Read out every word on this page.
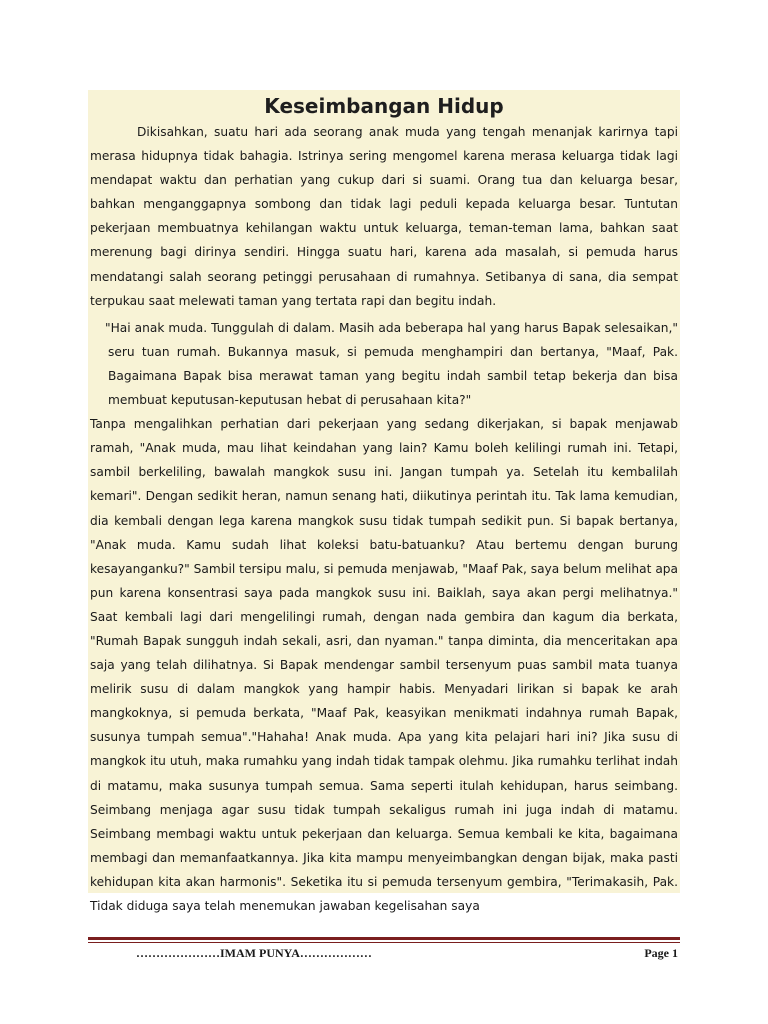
Keseimbangan Hidup

Dikisahkan, suatu hari ada seorang anak muda yang tengah menanjak karirnya tapi merasa hidupnya tidak bahagia. Istrinya sering mengomel karena merasa keluarga tidak lagi mendapat waktu dan perhatian yang cukup dari si suami. Orang tua dan keluarga besar, bahkan menganggapnya sombong dan tidak lagi peduli kepada keluarga besar. Tuntutan pekerjaan membuatnya kehilangan waktu untuk keluarga, teman-teman lama, bahkan saat merenung bagi dirinya sendiri. Hingga suatu hari, karena ada masalah, si pemuda harus mendatangi salah seorang petinggi perusahaan di rumahnya. Setibanya di sana, dia sempat terpukau saat melewati taman yang tertata rapi dan begitu indah.

"Hai anak muda. Tunggulah di dalam. Masih ada beberapa hal yang harus Bapak selesaikan," seru tuan rumah. Bukannya masuk, si pemuda menghampiri dan bertanya, "Maaf, Pak. Bagaimana Bapak bisa merawat taman yang begitu indah sambil tetap bekerja dan bisa membuat keputusan-keputusan hebat di perusahaan kita?"

Tanpa mengalihkan perhatian dari pekerjaan yang sedang dikerjakan, si bapak menjawab ramah, "Anak muda, mau lihat keindahan yang lain? Kamu boleh kelilingi rumah ini. Tetapi, sambil berkeliling, bawalah mangkok susu ini. Jangan tumpah ya. Setelah itu kembalilah kemari". Dengan sedikit heran, namun senang hati, diikutinya perintah itu. Tak lama kemudian, dia kembali dengan lega karena mangkok susu tidak tumpah sedikit pun. Si bapak bertanya, "Anak muda. Kamu sudah lihat koleksi batu-batuanku? Atau bertemu dengan burung kesayanganku?" Sambil tersipu malu, si pemuda menjawab, "Maaf Pak, saya belum melihat apa pun karena konsentrasi saya pada mangkok susu ini. Baiklah, saya akan pergi melihatnya." Saat kembali lagi dari mengelilingi rumah, dengan nada gembira dan kagum dia berkata, "Rumah Bapak sungguh indah sekali, asri, dan nyaman." tanpa diminta, dia menceritakan apa saja yang telah dilihatnya. Si Bapak mendengar sambil tersenyum puas sambil mata tuanya melirik susu di dalam mangkok yang hampir habis. Menyadari lirikan si bapak ke arah mangkoknya, si pemuda berkata, "Maaf Pak, keasyikan menikmati indahnya rumah Bapak, susunya tumpah semua"."Hahaha! Anak muda. Apa yang kita pelajari hari ini? Jika susu di mangkok itu utuh, maka rumahku yang indah tidak tampak olehmu. Jika rumahku terlihat indah di matamu, maka susunya tumpah semua. Sama seperti itulah kehidupan, harus seimbang. Seimbang menjaga agar susu tidak tumpah sekaligus rumah ini juga indah di matamu. Seimbang membagi waktu untuk pekerjaan dan keluarga. Semua kembali ke kita, bagaimana membagi dan memanfaatkannya. Jika kita mampu menyeimbangkan dengan bijak, maka pasti kehidupan kita akan harmonis". Seketika itu si pemuda tersenyum gembira, "Terimakasih, Pak. Tidak diduga saya telah menemukan jawaban kegelisahan saya

…………………IMAM PUNYA………………	Page 1
